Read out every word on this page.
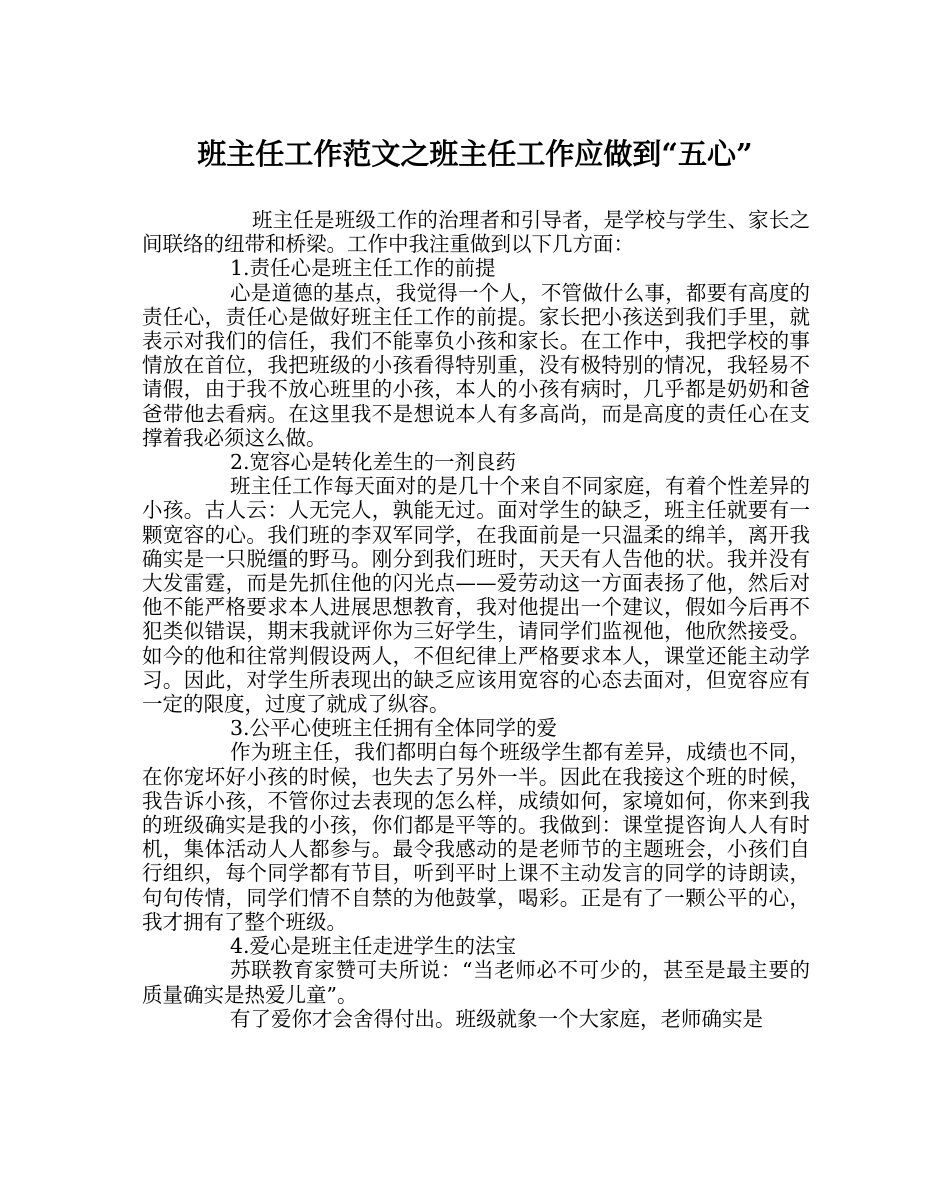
班主任工作范文之班主任工作应做到“五心”

班主任是班级工作的治理者和引导者，是学校与学生、家长之间联络的纽带和桥梁。工作中我注重做到以下几方面：

1.责任心是班主任工作的前提

心是道德的基点，我觉得一个人，不管做什么事，都要有高度的责任心，责任心是做好班主任工作的前提。家长把小孩送到我们手里，就表示对我们的信任，我们不能辜负小孩和家长。在工作中，我把学校的事情放在首位，我把班级的小孩看得特别重，没有极特别的情况，我轻易不请假，由于我不放心班里的小孩，本人的小孩有病时，几乎都是奶奶和爸爸带他去看病。在这里我不是想说本人有多高尚，而是高度的责任心在支撑着我必须这么做。

2.宽容心是转化差生的一剂良药

班主任工作每天面对的是几十个来自不同家庭，有着个性差异的小孩。古人云：人无完人，孰能无过。面对学生的缺乏，班主任就要有一颗宽容的心。我们班的李双军同学，在我面前是一只温柔的绵羊，离开我确实是一只脱缰的野马。刚分到我们班时，天天有人告他的状。我并没有大发雷霆，而是先抓住他的闪光点——爱劳动这一方面表扬了他，然后对他不能严格要求本人进展思想教育，我对他提出一个建议，假如今后再不犯类似错误，期末我就评你为三好学生，请同学们监视他，他欣然接受。如今的他和往常判假设两人，不但纪律上严格要求本人，课堂还能主动学习。因此，对学生所表现出的缺乏应该用宽容的心态去面对，但宽容应有一定的限度，过度了就成了纵容。

3.公平心使班主任拥有全体同学的爱

作为班主任，我们都明白每个班级学生都有差异，成绩也不同，在你宠坏好小孩的时候，也失去了另外一半。因此在我接这个班的时候，我告诉小孩，不管你过去表现的怎么样，成绩如何，家境如何，你来到我的班级确实是我的小孩，你们都是平等的。我做到：课堂提咨询人人有时机，集体活动人人都参与。最令我感动的是老师节的主题班会，小孩们自行组织，每个同学都有节目，听到平时上课不主动发言的同学的诗朗读，句句传情，同学们情不自禁的为他鼓掌，喝彩。正是有了一颗公平的心，我才拥有了整个班级。

4.爱心是班主任走进学生的法宝

苏联教育家赞可夫所说：“当老师必不可少的，甚至是最主要的质量确实是热爱儿童”。

有了爱你才会舍得付出。班级就象一个大家庭，老师确实是
